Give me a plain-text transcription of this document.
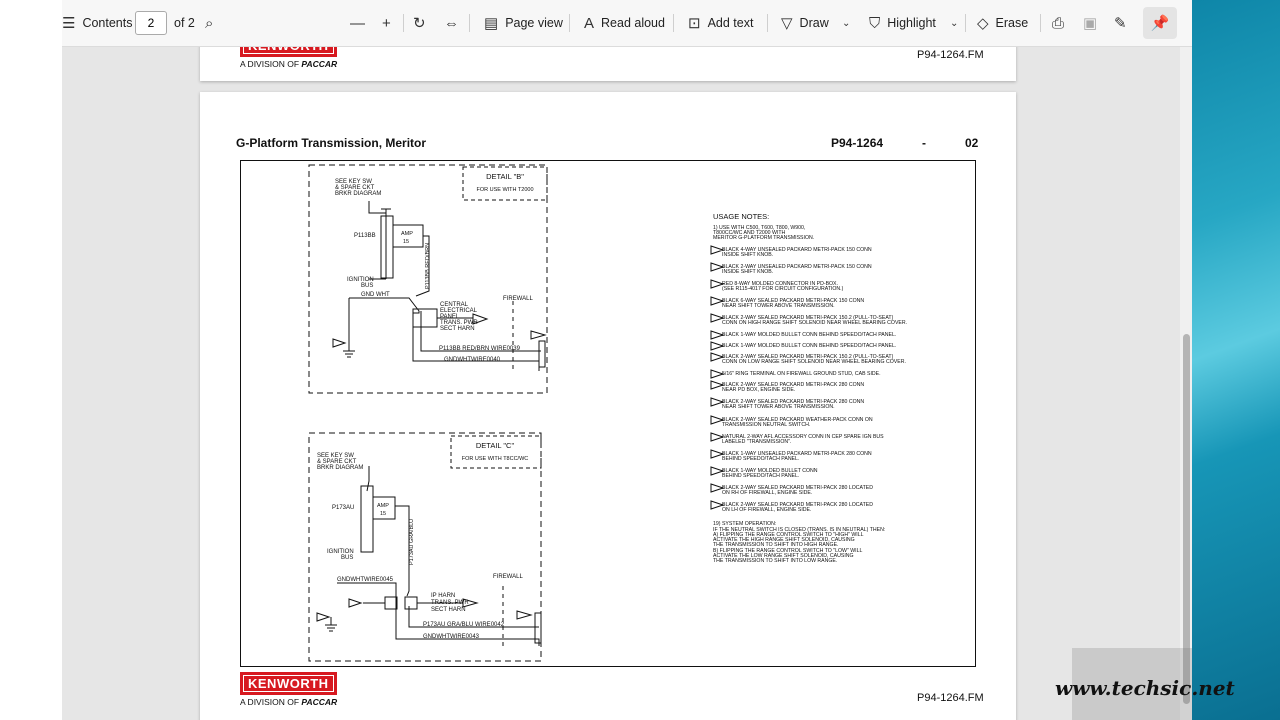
☰ Contents	2	of 2 ⌕	— + ↻ ⇔ ▤ Page view A Read aloud ⊡ Add text ▽ Draw ⌄ ⛉ Highlight ⌄ ◇ Erase ⎙ ▣ ✎ 📌
A DIVISION OF PACCAR
P94-1264.FM
G-Platform Transmission, Meritor	P94-1264	-	02
DETAIL "B"
FOR USE WITH T2000
SEE KEY SW
& SPARE CKT
BRKR DIAGRAM
P113BB	AMP
15
IGNITION
BUS	P113BB RED/BRN
GND WHT
CENTRAL
ELECTRICAL
PANEL
TRANS. PWR
SECT HARN
FIREWALL
P113BB RED/BRN WIRE0039
GNDWHTWIRE0040
DETAIL "C"
FOR USE WITH T8CC/WC
SEE KEY SW
& SPARE CKT
BRKR DIAGRAM
P173AU	AMP
15
IGNITION
BUS	P173AU GRA/BLU
GNDWHTWIRE0045
IP HARN
TRANS. PWR
SECT HARN
FIREWALL
P173AU GRA/BLU WIRE0042
GNDWHTWIRE0043
USAGE NOTES:
1) USE WITH C500, T600, T800, W900,
T800CC/WC AND T2000 WITH
MERITOR G-PLATFORM TRANSMISSION.
BLACK 4-WAY UNSEALED PACKARD METRI-PACK 150 CONN
INSIDE SHIFT KNOB.
BLACK 2-WAY UNSEALED PACKARD METRI-PACK 150 CONN
INSIDE SHIFT KNOB.
RED 8-WAY MOLDED CONNECTOR IN PD-BOX.
(SEE R115-4017 FOR CIRCUIT CONFIGURATION.)
BLACK 6-WAY SEALED PACKARD METRI-PACK 150 CONN
NEAR SHIFT TOWER ABOVE TRANSMISSION.
BLACK 2-WAY SEALED PACKARD METRI-PACK 150.2 (PULL-TO-SEAT)
CONN ON HIGH RANGE SHIFT SOLENOID NEAR WHEEL BEARING COVER.
BLACK 1-WAY MOLDED BULLET CONN BEHIND SPEEDO/TACH PANEL.
BLACK 1-WAY MOLDED BULLET CONN BEHIND SPEEDO/TACH PANEL.
BLACK 2-WAY SEALED PACKARD METRI-PACK 150.2 (PULL-TO-SEAT)
CONN ON LOW RANGE SHIFT SOLENOID NEAR WHEEL BEARING COVER.
5/16" RING TERMINAL ON FIREWALL GROUND STUD, CAB SIDE.
BLACK 2-WAY SEALED PACKARD METRI-PACK 280 CONN
NEAR PD BOX, ENGINE SIDE.
BLACK 2-WAY SEALED PACKARD METRI-PACK 280 CONN
NEAR SHIFT TOWER ABOVE TRANSMISSION.
BLACK 2-WAY SEALED PACKARD WEATHER-PACK CONN ON
TRANSMISSION NEUTRAL SWITCH.
NATURAL 2-WAY AFL ACCESSORY CONN IN CEP SPARE IGN BUS
LABELED "TRANSMISSION".
BLACK 1-WAY UNSEALED PACKARD METRI-PACK 280 CONN
BEHIND SPEEDO/TACH PANEL.
BLACK 1-WAY MOLDED BULLET CONN
BEHIND SPEEDO/TACH PANEL.
BLACK 2-WAY SEALED PACKARD METRI-PACK 280 LOCATED
ON RH OF FIREWALL, ENGINE SIDE.
BLACK 2-WAY SEALED PACKARD METRI-PACK 280 LOCATED
ON LH OF FIREWALL, ENGINE SIDE.
19) SYSTEM OPERATION:
IF THE NEUTRAL SWITCH IS CLOSED (TRANS. IS IN NEUTRAL) THEN:
A) FLIPPING THE RANGE CONTROL SWITCH TO "HIGH" WILL
ACTIVATE THE HIGH RANGE SHIFT SOLENOID, CAUSING
THE TRANSMISSION TO SHIFT INTO HIGH RANGE.
B) FLIPPING THE RANGE CONTROL SWITCH TO "LOW" WILL
ACTIVATE THE LOW RANGE SHIFT SOLENOID, CAUSING
THE TRANSMISSION TO SHIFT INTO LOW RANGE.
KENWORTH
A DIVISION OF PACCAR	P94-1264.FM	www.techsic.net
